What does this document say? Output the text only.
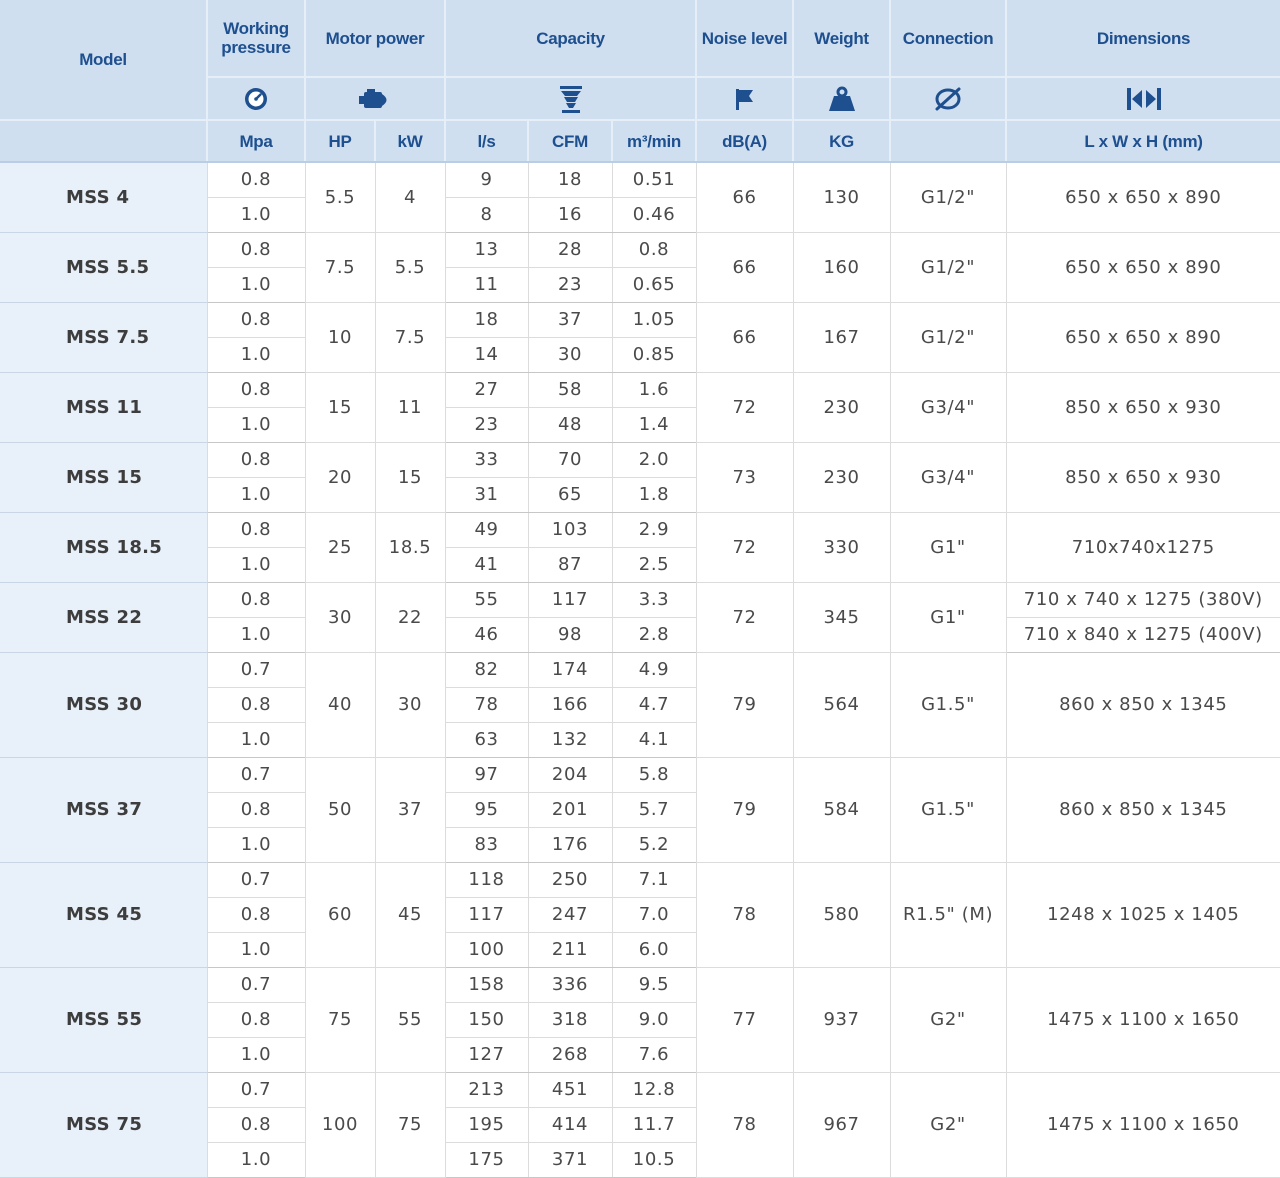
Model	Working pressure	Motor power		Capacity			Noise level	Weight	Connection	Dimensions

	Mpa	HP	kW	l/s	CFM	m³/min	dB(A)	KG		L x W x H (mm)
MSS 4	0.8	5.5	4	9	18	0.51	66	130	G1/2"	650 x 650 x 890
	1.0			8	16	0.46				
MSS 5.5	0.8	7.5	5.5	13	28	0.8	66	160	G1/2"	650 x 650 x 890
	1.0			11	23	0.65				
MSS 7.5	0.8	10	7.5	18	37	1.05	66	167	G1/2"	650 x 650 x 890
	1.0			14	30	0.85				
MSS 11	0.8	15	11	27	58	1.6	72	230	G3/4"	850 x 650 x 930
	1.0			23	48	1.4				
MSS 15	0.8	20	15	33	70	2.0	73	230	G3/4"	850 x 650 x 930
	1.0			31	65	1.8				
MSS 18.5	0.8	25	18.5	49	103	2.9	72	330	G1"	710x740x1275
	1.0			41	87	2.5				
MSS 22	0.8	30	22	55	117	3.3	72	345	G1"	710 x 740 x 1275 (380V)
	1.0			46	98	2.8				710 x 840 x 1275 (400V)
MSS 30	0.7	40	30	82	174	4.9	79	564	G1.5"	860 x 850 x 1345
	0.8			78	166	4.7				
	1.0			63	132	4.1				
MSS 37	0.7	50	37	97	204	5.8	79	584	G1.5"	860 x 850 x 1345
	0.8			95	201	5.7				
	1.0			83	176	5.2				
MSS 45	0.7	60	45	118	250	7.1	78	580	R1.5" (M)	1248 x 1025 x 1405
	0.8			117	247	7.0				
	1.0			100	211	6.0				
MSS 55	0.7	75	55	158	336	9.5	77	937	G2"	1475 x 1100 x 1650
	0.8			150	318	9.0				
	1.0			127	268	7.6				
MSS 75	0.7	100	75	213	451	12.8	78	967	G2"	1475 x 1100 x 1650
	0.8			195	414	11.7				
	1.0			175	371	10.5				
